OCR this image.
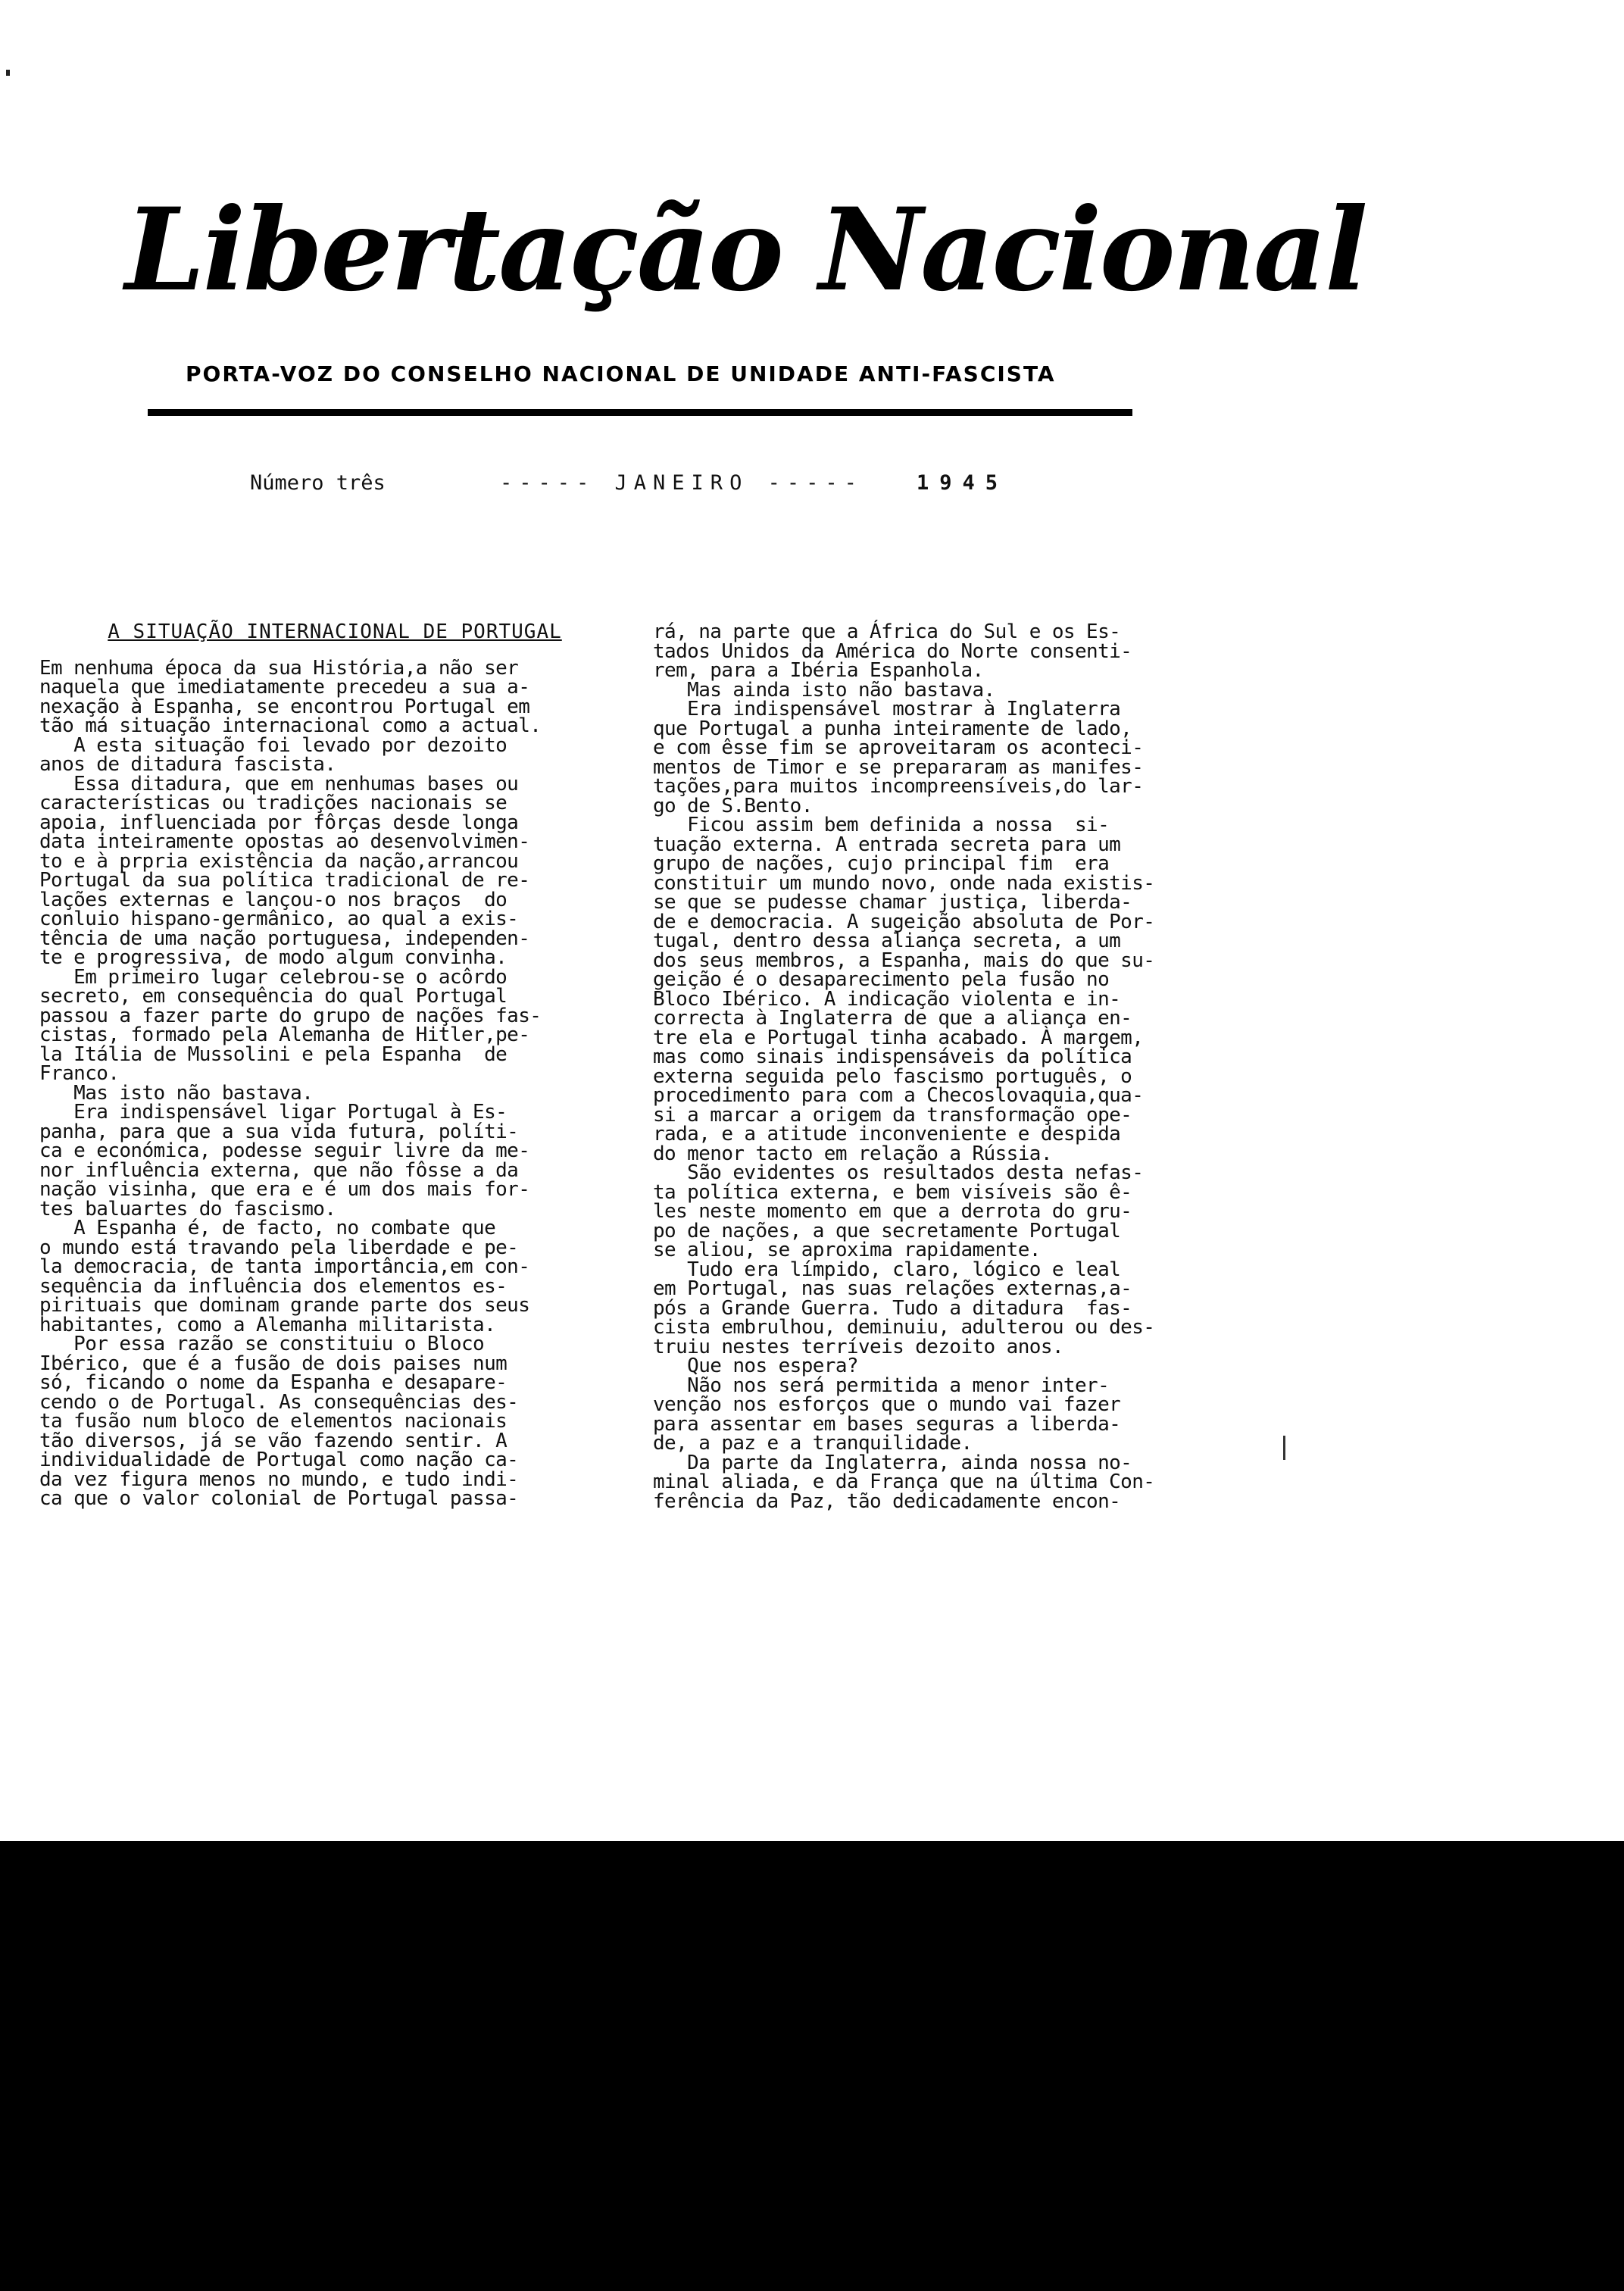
Libertação Nacional
PORTA-VOZ DO CONSELHO NACIONAL DE UNIDADE ANTI-FASCISTA
Número três	----- JANEIRO -----	1945
A SITUAÇÃO INTERNACIONAL DE PORTUGAL

Em nenhuma época da sua História,a não ser

naquela que imediatamente precedeu a sua a-

nexação à Espanha, se encontrou Portugal em

tão má situação internacional como a actual.

A esta situação foi levado por dezoito

anos de ditadura fascista.

Essa ditadura, que em nenhumas bases ou

características ou tradições nacionais se

apoia, influenciada por fôrças desde longa

data inteiramente opostas ao desenvolvimen-

to e à prpria existência da nação,arrancou

Portugal da sua política tradicional de re-

lações externas e lançou-o nos braços  do

conluio hispano-germânico, ao qual a exis-

tência de uma nação portuguesa, independen-

te e progressiva, de modo algum convinha.

Em primeiro lugar celebrou-se o acôrdo

secreto, em consequência do qual Portugal

passou a fazer parte do grupo de nações fas-

cistas, formado pela Alemanha de Hitler,pe-

la Itália de Mussolini e pela Espanha  de

Franco.

Mas isto não bastava.

Era indispensável ligar Portugal à Es-

panha, para que a sua vida futura, políti-

ca e económica, podesse seguir livre da me-

nor influência externa, que não fôsse a da

nação visinha, que era e é um dos mais for-

tes baluartes do fascismo.

A Espanha é, de facto, no combate que

o mundo está travando pela liberdade e pe-

la democracia, de tanta importância,em con-

sequência da influência dos elementos es-

pirituais que dominam grande parte dos seus

habitantes, como a Alemanha militarista.

Por essa razão se constituiu o Bloco

Ibérico, que é a fusão de dois paises num

só, ficando o nome da Espanha e desapare-

cendo o de Portugal. As consequências des-

ta fusão num bloco de elementos nacionais

tão diversos, já se vão fazendo sentir. A

individualidade de Portugal como nação ca-

da vez figura menos no mundo, e tudo indi-

ca que o valor colonial de Portugal passa-

rá, na parte que a África do Sul e os Es-

tados Unidos da América do Norte consenti-

rem, para a Ibéria Espanhola.

Mas ainda isto não bastava.

Era indispensável mostrar à Inglaterra

que Portugal a punha inteiramente de lado,

e com êsse fim se aproveitaram os aconteci-

mentos de Timor e se prepararam as manifes-

tações,para muitos incompreensíveis,do lar-

go de S.Bento.

Ficou assim bem definida a nossa  si-

tuação externa. A entrada secreta para um

grupo de nações, cujo principal fim  era

constituir um mundo novo, onde nada existis-

se que se pudesse chamar justiça, liberda-

de e democracia. A sugeição absoluta de Por-

tugal, dentro dessa aliança secreta, a um

dos seus membros, a Espanha, mais do que su-

geição é o desaparecimento pela fusão no

Bloco Ibérico. A indicação violenta e in-

correcta à Inglaterra de que a aliança en-

tre ela e Portugal tinha acabado. À margem,

mas como sinais indispensáveis da política

externa seguida pelo fascismo português, o

procedimento para com a Checoslovaquia,qua-

si a marcar a origem da transformação ope-

rada, e a atitude inconveniente e despida

do menor tacto em relação a Rússia.

São evidentes os resultados desta nefas-

ta política externa, e bem visíveis são ê-

les neste momento em que a derrota do gru-

po de nações, a que secretamente Portugal

se aliou, se aproxima rapidamente.

Tudo era límpido, claro, lógico e leal

em Portugal, nas suas relações externas,a-

pós a Grande Guerra. Tudo a ditadura  fas-

cista embrulhou, deminuiu, adulterou ou des-

truiu nestes terríveis dezoito anos.

Que nos espera?

Não nos será permitida a menor inter-

venção nos esforços que o mundo vai fazer

para assentar em bases seguras a liberda-

de, a paz e a tranquilidade.

Da parte da Inglaterra, ainda nossa no-

minal aliada, e da França que na última Con-

ferência da Paz, tão dedicadamente encon-
